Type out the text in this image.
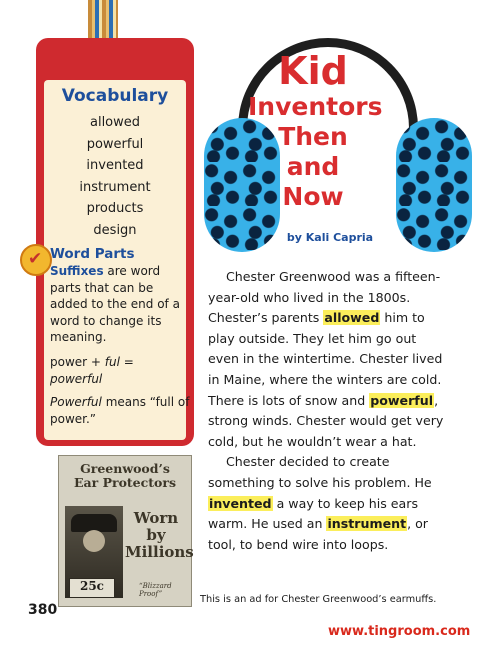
Vocabulary
allowed
powerful
invented
instrument
products
design
✔ Word Parts
Suffixes are word parts that can be added to the end of a word to change its meaning.
power + ful =
powerful
Powerful means “full of power.”
Kid
Inventors
Then
and
Now
by Kali Capria

Chester Greenwood was a fifteen-year-old who lived in the 1800s. Chester’s parents allowed him to play outside. They let him go out even in the wintertime. Chester lived in Maine, where the winters are cold. There is lots of snow and powerful, strong winds. Chester would get very cold, but he wouldn’t wear a hat.

Chester decided to create something to solve his problem. He invented a way to keep his ears warm. He used an instrument, or tool, to bend wire into loops.

Greenwood’s
Ear Protectors
Worn
by
Millions
25c	“Blizzard Proof”	This is an ad for Chester Greenwood’s earmuffs.
380
www.tingroom.com
